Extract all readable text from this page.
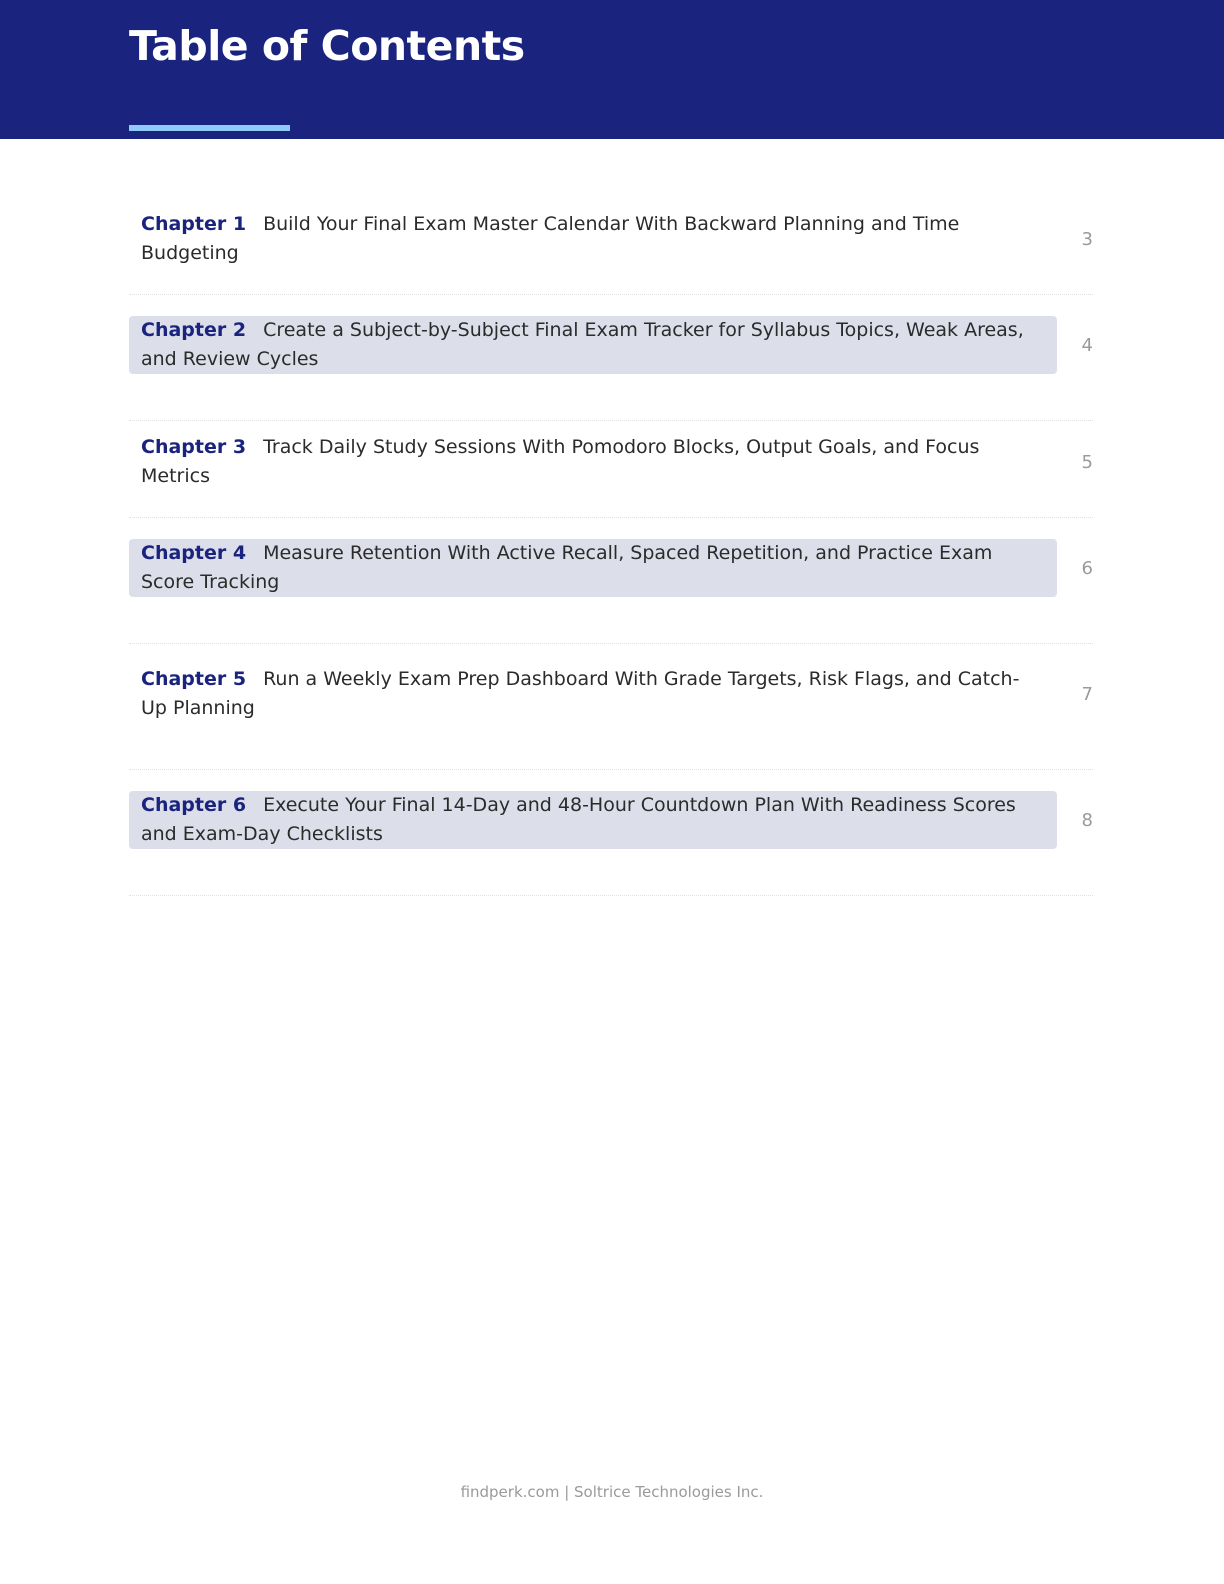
Table of Contents
Chapter 1 Build Your Final Exam Master Calendar With Backward Planning and Time Budgeting
3
Chapter 2 Create a Subject-by-Subject Final Exam Tracker for Syllabus Topics, Weak Areas, and Review Cycles
4
Chapter 3 Track Daily Study Sessions With Pomodoro Blocks, Output Goals, and Focus Metrics
5
Chapter 4 Measure Retention With Active Recall, Spaced Repetition, and Practice Exam Score Tracking
6
Chapter 5 Run a Weekly Exam Prep Dashboard With Grade Targets, Risk Flags, and Catch-Up Planning
7
Chapter 6 Execute Your Final 14-Day and 48-Hour Countdown Plan With Readiness Scores and Exam-Day Checklists
8
findperk.com | Soltrice Technologies Inc.
